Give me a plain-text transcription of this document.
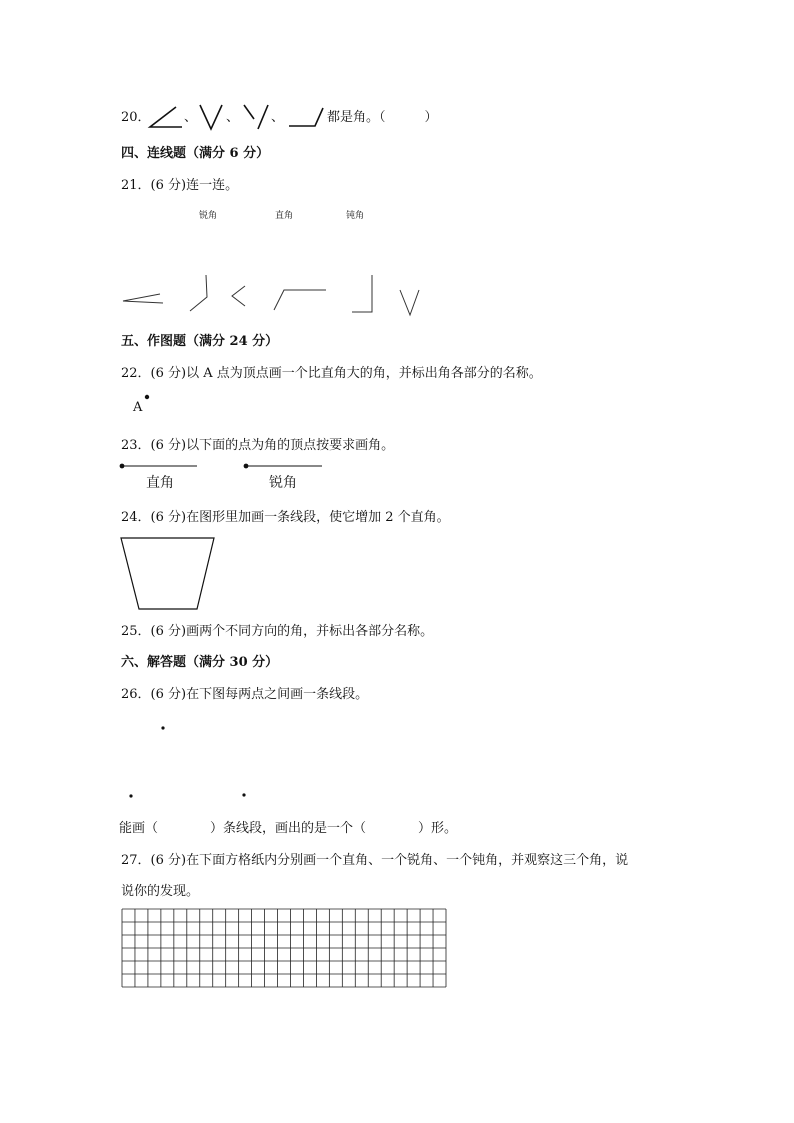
20．	、 、 、	都是角。（　　　）
四、连线题（满分 6 分）
21．(6 分)连一连。
锐角	直角	钝角
五、作图题（满分 24 分）
22．(6 分)以 A 点为顶点画一个比直角大的角，并标出角各部分的名称。
A
23．(6 分)以下面的点为角的顶点按要求画角。
直角	锐角
24．(6 分)在图形里加画一条线段，使它增加 2 个直角。
25．(6 分)画两个不同方向的角，并标出各部分名称。
六、解答题（满分 30 分）
26．(6 分)在下图每两点之间画一条线段。
能画（　　　　）条线段，画出的是一个（　　　　）形。
27．(6 分)在下面方格纸内分别画一个直角、一个锐角、一个钝角，并观察这三个角，说
说你的发现。
